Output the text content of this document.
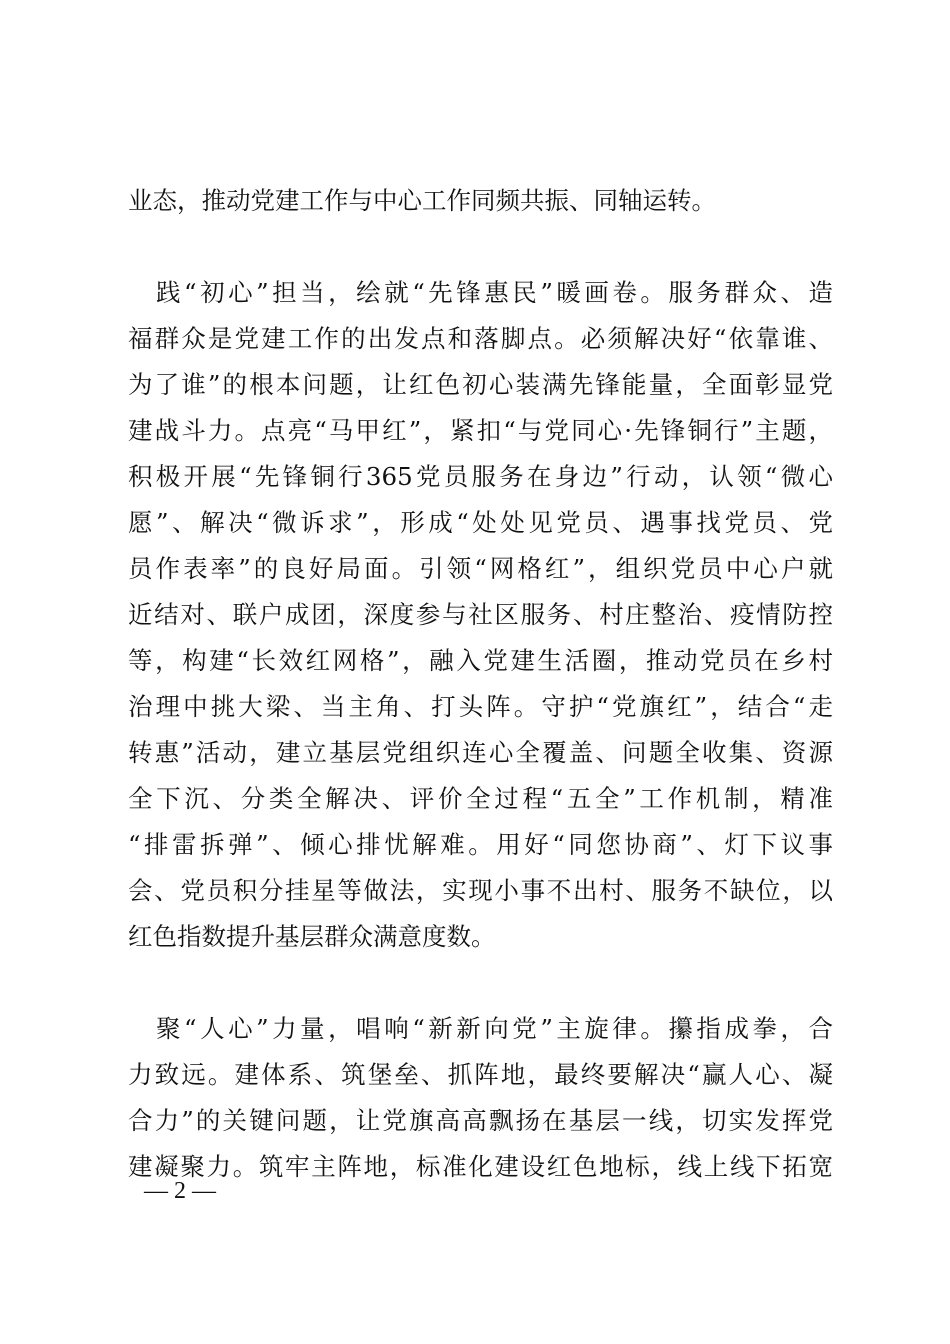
业态，推动党建工作与中心工作同频共振、同轴运转。
　践“初心”担当，绘就“先锋惠民”暖画卷。服务群众、造
福群众是党建工作的出发点和落脚点。必须解决好“依靠谁、
为了谁”的根本问题，让红色初心装满先锋能量，全面彰显党
建战斗力。点亮“马甲红”，紧扣“与党同心·先锋铜行”主题，
积极开展“先锋铜行365党员服务在身边”行动，认领“微心
愿”、解决“微诉求”，形成“处处见党员、遇事找党员、党
员作表率”的良好局面。引领“网格红”，组织党员中心户就
近结对、联户成团，深度参与社区服务、村庄整治、疫情防控
等，构建“长效红网格”，融入党建生活圈，推动党员在乡村
治理中挑大梁、当主角、打头阵。守护“党旗红”，结合“走
转惠”活动，建立基层党组织连心全覆盖、问题全收集、资源
全下沉、分类全解决、评价全过程“五全”工作机制，精准
“排雷拆弹”、倾心排忧解难。用好“同您协商”、灯下议事
会、党员积分挂星等做法，实现小事不出村、服务不缺位，以
红色指数提升基层群众满意度数。
　聚“人心”力量，唱响“新新向党”主旋律。攥指成拳，合
力致远。建体系、筑堡垒、抓阵地，最终要解决“赢人心、凝
合力”的关键问题，让党旗高高飘扬在基层一线，切实发挥党
建凝聚力。筑牢主阵地，标准化建设红色地标，线上线下拓宽
— 2 —
